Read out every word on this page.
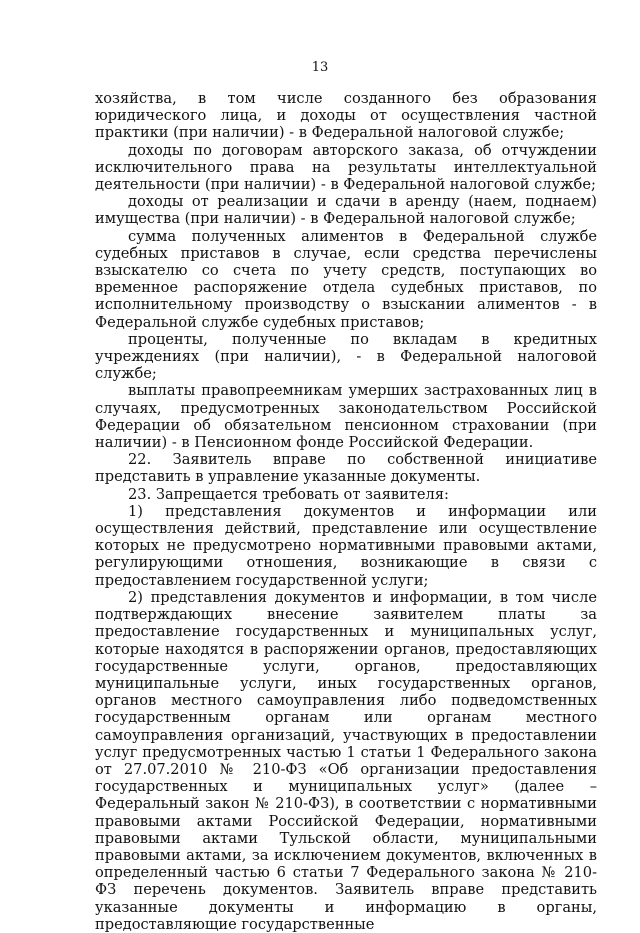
13

хозяйства, в том числе созданного без образования юридического лица, и доходы от осуществления частной практики (при наличии) - в Федеральной налоговой службе;

доходы по договорам авторского заказа, об отчуждении исключительного права на результаты интеллектуальной деятельности (при наличии) - в Федеральной налоговой службе;

доходы от реализации и сдачи в аренду (наем, поднаем) имущества (при наличии) - в Федеральной налоговой службе;

сумма полученных алиментов в Федеральной службе судебных приставов в случае, если средства перечислены взыскателю со счета по учету средств, поступающих во временное распоряжение отдела судебных приставов, по исполнительному производству о взыскании алиментов - в Федеральной службе судебных приставов;

проценты, полученные по вкладам в кредитных учреждениях (при наличии), - в Федеральной налоговой службе;

выплаты правопреемникам умерших застрахованных лиц в случаях, предусмотренных законодательством Российской Федерации об обязательном пенсионном страховании (при наличии) - в Пенсионном фонде Российской Федерации.

22. Заявитель вправе по собственной инициативе представить в управление указанные документы.

23. Запрещается требовать от заявителя:

1) представления документов и информации или осуществления действий, представление или осуществление которых не предусмотрено нормативными правовыми актами, регулирующими отношения, возникающие в связи с предоставлением государственной услуги;

2) представления документов и информации, в том числе подтверждающих внесение заявителем платы за предоставление государственных и муниципальных услуг, которые находятся в распоряжении органов, предоставляющих государственные услуги, органов, предоставляющих муниципальные услуги, иных государственных органов, органов местного самоуправления либо подведомственных государственным органам или органам местного самоуправления организаций, участвующих в предоставлении услуг предусмотренных частью 1 статьи 1 Федерального закона от 27.07.2010 № 210-ФЗ «Об организации предоставления государственных и муниципальных услуг» (далее – Федеральный закон № 210-ФЗ), в соответствии с нормативными правовыми актами Российской Федерации, нормативными правовыми актами Тульской области, муниципальными правовыми актами, за исключением документов, включенных в определенный частью 6 статьи 7 Федерального закона № 210-ФЗ перечень документов. Заявитель вправе представить указанные документы и информацию в органы, предоставляющие государственные
